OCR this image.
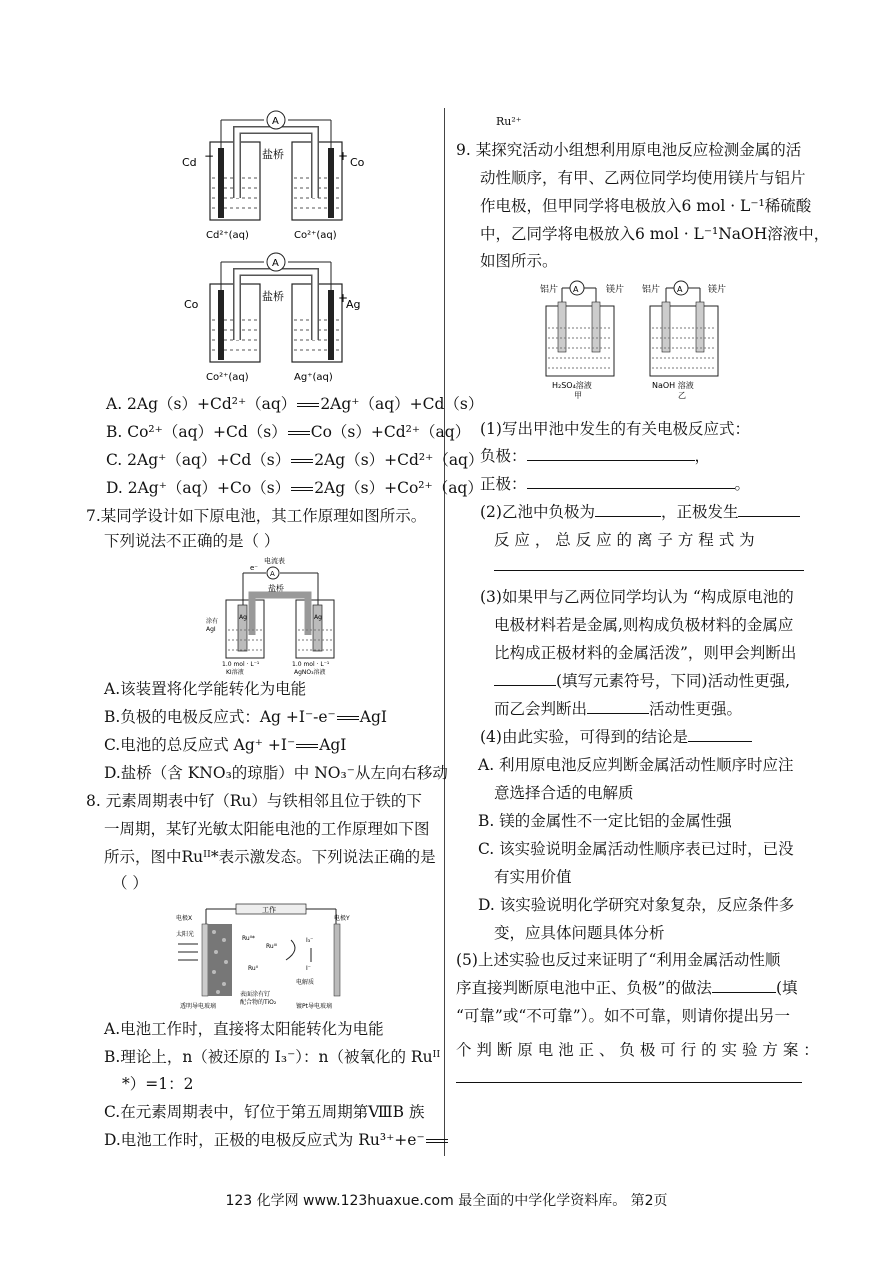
A
盐桥
Cd −	+ Co
Cd²⁺(aq)	Co²⁺(aq)
A
盐桥
Co	+
Ag
Co²⁺(aq)	Ag⁺(aq)
A. 2Ag（s）+Cd²⁺（aq） 2Ag⁺（aq）+Cd（s）
B. Co²⁺（aq）+Cd（s） Co（s）+Cd²⁺（aq）
C. 2Ag⁺（aq）+Cd（s） 2Ag（s）+Cd²⁺（aq）
D. 2Ag⁺（aq）+Co（s） 2Ag（s）+Co²⁺（aq）
7.某同学设计如下原电池，其工作原理如图所示。
下列说法不正确的是（ ）
电流表
A
e⁻
盐桥
Ag	Ag
涂有
AgI
1.0 mol · L⁻¹
KI溶液
1.0 mol · L⁻¹
AgNO₃溶液
A.该装置将化学能转化为电能
B.负极的电极反应式：Ag +I⁻-e⁻ AgI
C.电池的总反应式 Ag⁺ +I⁻ AgI
D.盐桥（含 KNO₃的琼脂）中 NO₃⁻从左向右移动
8. 元素周期表中钌（Ru）与铁相邻且位于铁的下
一周期，某钌光敏太阳能电池的工作原理如下图
所示，图中Ruᴵᴵ*表示激发态。下列说法正确的是
（ ）
工作
电极X	电极Y
太阳光
Ruᴵᴵ*
Ruᴵᴵᴵ
Ruᴵᴵ
I₃⁻
I⁻
电解质
透明导电玻璃
表面涂有钌
配合物的TiO₂
镀Pt导电玻璃
A.电池工作时，直接将太阳能转化为电能
B.理论上，n（被还原的 I₃⁻）：n（被氧化的 Ruᴵᴵ
*）=1：2
C.在元素周期表中，钌位于第五周期第ⅧB 族
D.电池工作时，正极的电极反应式为 Ru³⁺+e⁻
Ru²⁺
9. 某探究活动小组想利用原电池反应检测金属的活
动性顺序，有甲、乙两位同学均使用镁片与铝片
作电极，但甲同学将电极放入6 mol · L⁻¹稀硫酸
中，乙同学将电极放入6 mol · L⁻¹NaOH溶液中，
如图所示。
铝片	镁片
A
H₂SO₄溶液
甲
铝片	镁片
A
NaOH 溶液
乙
(1)写出甲池中发生的有关电极反应式：
负极：	，
正极：	。
(2)乙池中负极为	，正极发生
反 应 ， 总 反 应 的 离 子 方 程 式 为
(3)如果甲与乙两位同学均认为 “构成原电池的
电极材料若是金属,则构成负极材料的金属应
比构成正极材料的金属活泼”，则甲会判断出
(填写元素符号，下同)活动性更强,
而乙会判断出	活动性更强。
(4)由此实验，可得到的结论是
A. 利用原电池反应判断金属活动性顺序时应注
意选择合适的电解质
B. 镁的金属性不一定比铝的金属性强
C. 该实验说明金属活动性顺序表已过时，已没
有实用价值
D. 该实验说明化学研究对象复杂，反应条件多
变，应具体问题具体分析
(5)上述实验也反过来证明了“利用金属活动性顺
序直接判断原电池中正、负极”的做法	(填
“可靠”或“不可靠”）。如不可靠，则请你提出另一
个 判 断 原 电 池 正 、 负 极 可 行 的 实 验 方 案 ：
123 化学网 www.123huaxue.com 最全面的中学化学资料库。 第2页
